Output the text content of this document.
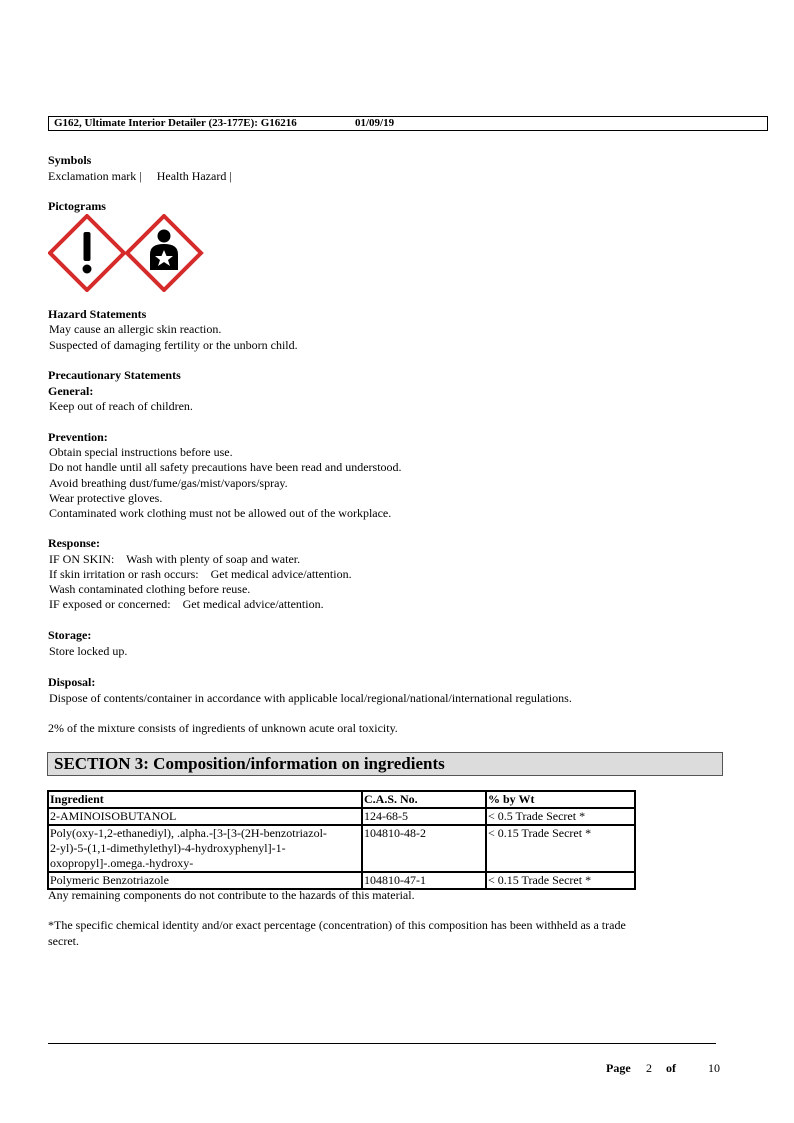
G162, Ultimate Interior Detailer (23-177E): G16216	01/09/19
Symbols
Exclamation mark |     Health Hazard |
Pictograms
Hazard Statements
May cause an allergic skin reaction.
Suspected of damaging fertility or the unborn child.
Precautionary Statements
General:
Keep out of reach of children.
Prevention:
Obtain special instructions before use.
Do not handle until all safety precautions have been read and understood.
Avoid breathing dust/fume/gas/mist/vapors/spray.
Wear protective gloves.
Contaminated work clothing must not be allowed out of the workplace.
Response:
IF ON SKIN:    Wash with plenty of soap and water.
If skin irritation or rash occurs:    Get medical advice/attention.
Wash contaminated clothing before reuse.
IF exposed or concerned:    Get medical advice/attention.
Storage:
Store locked up.
Disposal:
Dispose of contents/container in accordance with applicable local/regional/national/international regulations.
2% of the mixture consists of ingredients of unknown acute oral toxicity.
SECTION 3: Composition/information on ingredients
Ingredient	C.A.S. No.	% by Wt
2-AMINOISOBUTANOL	124-68-5	< 0.5 Trade Secret *

Poly(oxy-1,2-ethanediyl), .alpha.-[3-[3-(2H-benzotriazol-
2-yl)-5-(1,1-dimethylethyl)-4-hydroxyphenyl]-1-
oxopropyl]-.omega.-hydroxy-	104810-48-2	< 0.15 Trade Secret *
Polymeric Benzotriazole	104810-47-1	< 0.15 Trade Secret *
Any remaining components do not contribute to the hazards of this material.
*The specific chemical identity and/or exact percentage (concentration) of this composition has been withheld as a trade
secret.
Page 2 of	10
